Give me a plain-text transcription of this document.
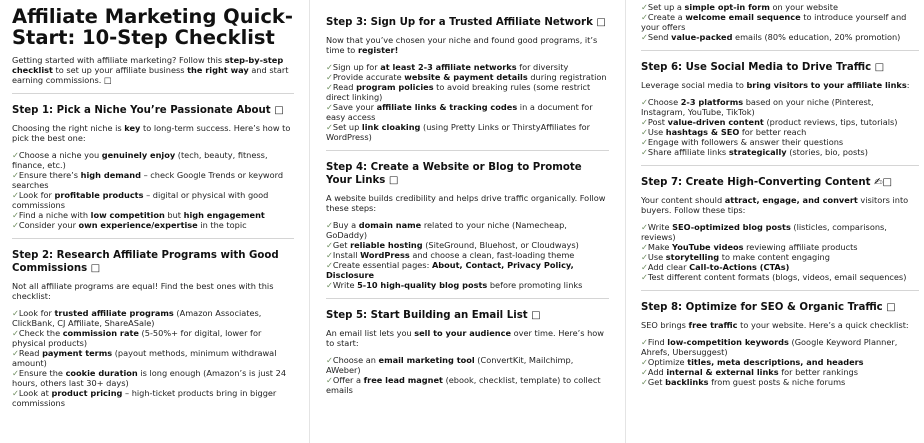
Affiliate Marketing Quick-Start: 10-Step Checklist

Getting started with affiliate marketing? Follow this step-by-step checklist to set up your affiliate business the right way and start earning commissions. □

Step 1: Pick a Niche You’re Passionate About □

Choosing the right niche is key to long-term success. Here’s how to pick the best one:

✓Choose a niche you genuinely enjoy (tech, beauty, fitness, finance, etc.)
✓Ensure there’s high demand – check Google Trends or keyword searches
✓Look for profitable products – digital or physical with good commissions
✓Find a niche with low competition but high engagement
✓Consider your own experience/expertise in the topic
Step 2: Research Affiliate Programs with Good Commissions □

Not all affiliate programs are equal! Find the best ones with this checklist:

✓Look for trusted affiliate programs (Amazon Associates, ClickBank, CJ Affiliate, ShareASale)
✓Check the commission rate (5-50%+ for digital, lower for physical products)
✓Read payment terms (payout methods, minimum withdrawal amount)
✓Ensure the cookie duration is long enough (Amazon’s is just 24 hours, others last 30+ days)
✓Look at product pricing – high-ticket products bring in bigger commissions
Step 3: Sign Up for a Trusted Affiliate Network □

Now that you’ve chosen your niche and found good programs, it’s time to register!

✓Sign up for at least 2-3 affiliate networks for diversity
✓Provide accurate website & payment details during registration
✓Read program policies to avoid breaking rules (some restrict direct linking)
✓Save your affiliate links & tracking codes in a document for easy access
✓Set up link cloaking (using Pretty Links or ThirstyAffiliates for WordPress)
Step 4: Create a Website or Blog to Promote Your Links □

A website builds credibility and helps drive traffic organically. Follow these steps:

✓Buy a domain name related to your niche (Namecheap, GoDaddy)
✓Get reliable hosting (SiteGround, Bluehost, or Cloudways)
✓Install WordPress and choose a clean, fast-loading theme
✓Create essential pages: About, Contact, Privacy Policy, Disclosure
✓Write 5-10 high-quality blog posts before promoting links
Step 5: Start Building an Email List □

An email list lets you sell to your audience over time. Here’s how to start:

✓Choose an email marketing tool (ConvertKit, Mailchimp, AWeber)
✓Offer a free lead magnet (ebook, checklist, template) to collect emails
✓Set up a simple opt-in form on your website
✓Create a welcome email sequence to introduce yourself and your offers
✓Send value-packed emails (80% education, 20% promotion)
Step 6: Use Social Media to Drive Traffic □

Leverage social media to bring visitors to your affiliate links:

✓Choose 2-3 platforms based on your niche (Pinterest, Instagram, YouTube, TikTok)
✓Post value-driven content (product reviews, tips, tutorials)
✓Use hashtags & SEO for better reach
✓Engage with followers & answer their questions
✓Share affiliate links strategically (stories, bio, posts)
Step 7: Create High-Converting Content ✍□

Your content should attract, engage, and convert visitors into buyers. Follow these tips:

✓Write SEO-optimized blog posts (listicles, comparisons, reviews)
✓Make YouTube videos reviewing affiliate products
✓Use storytelling to make content engaging
✓Add clear Call-to-Actions (CTAs)
✓Test different content formats (blogs, videos, email sequences)
Step 8: Optimize for SEO & Organic Traffic □

SEO brings free traffic to your website. Here’s a quick checklist:

✓Find low-competition keywords (Google Keyword Planner, Ahrefs, Ubersuggest)
✓Optimize titles, meta descriptions, and headers
✓Add internal & external links for better rankings
✓Get backlinks from guest posts & niche forums
